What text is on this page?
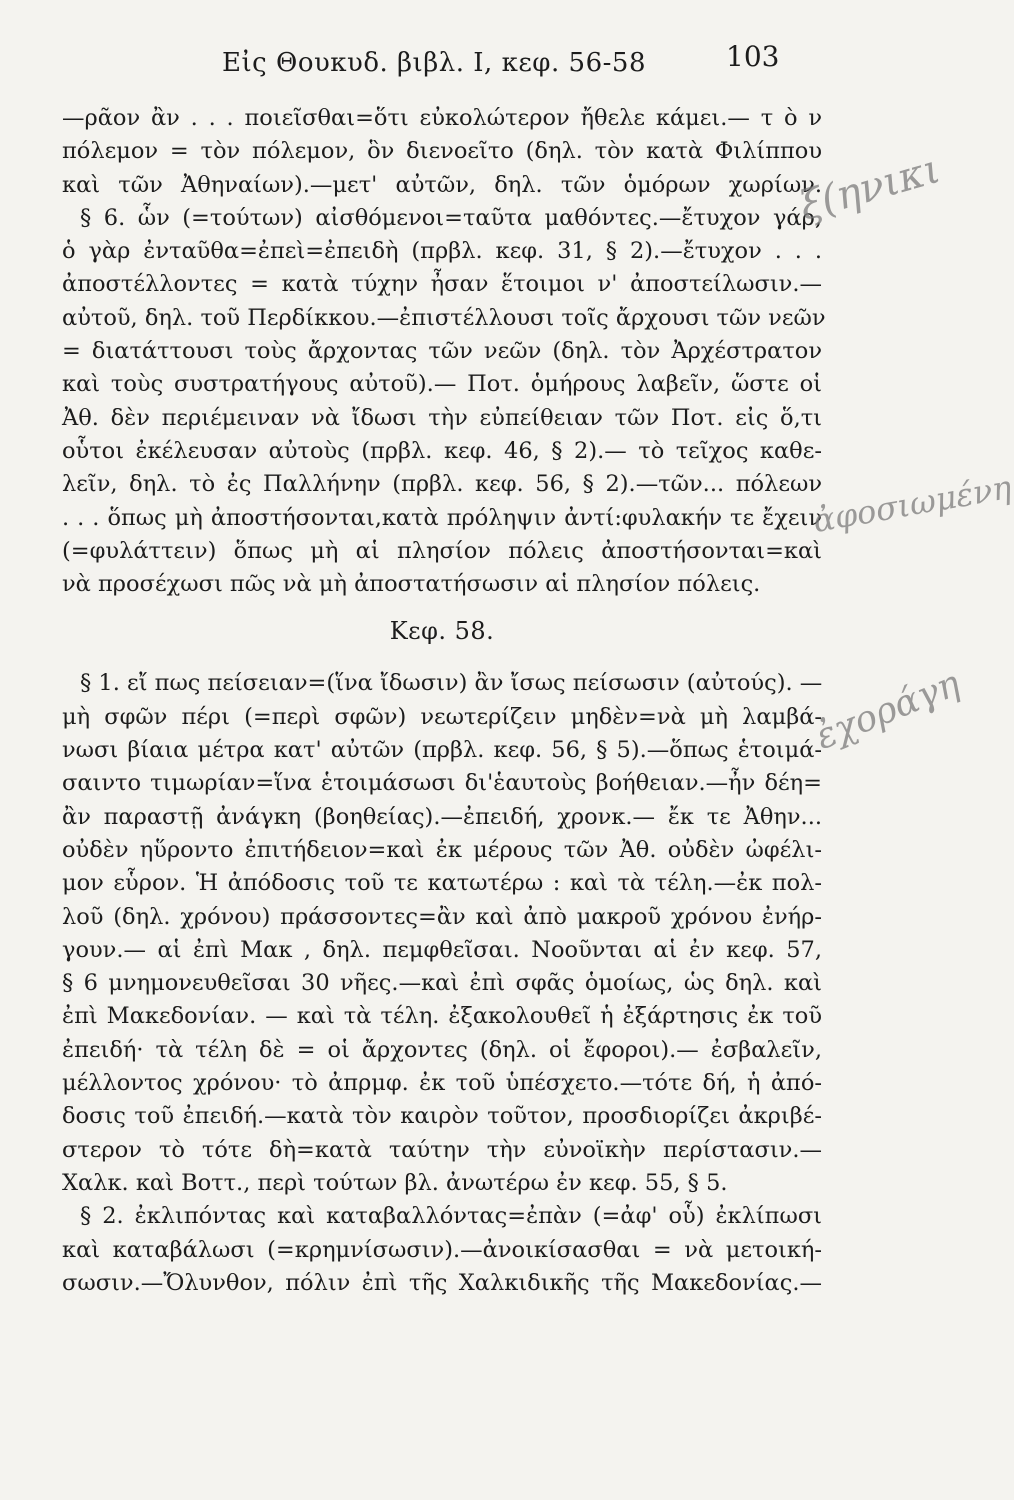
Εἰς Θουκυδ. βιβλ. I, κεφ. 56-58	103
—ρᾶον ἂν . . . ποιεῖσθαι=ὅτι εὐκολώτερον ἤθελε κάμει.— τ ὸ ν
πόλεμον = τὸν πόλεμον, ὃν διενοεῖτο (δηλ. τὸν κατὰ Φιλίππου
καὶ τῶν Ἀθηναίων).—μετ' αὐτῶν, δηλ. τῶν ὁμόρων χωρίων.
§ 6. ὧν (=τούτων) αἰσθόμενοι=ταῦτα μαθόντες.—ἔτυχον γάρ,
ὁ γὰρ ἐνταῦθα=ἐπεὶ=ἐπειδὴ (πρβλ. κεφ. 31, § 2).—ἔτυχον . . .
ἀποστέλλοντες = κατὰ τύχην ἦσαν ἕτοιμοι ν' ἀποστείλωσιν.—
αὐτοῦ, δηλ. τοῦ Περδίκκου.—ἐπιστέλλουσι τοῖς ἄρχουσι τῶν νεῶν
= διατάττουσι τοὺς ἄρχοντας τῶν νεῶν (δηλ. τὸν Ἀρχέστρατον
καὶ τοὺς συστρατήγους αὐτοῦ).— Ποτ. ὁμήρους λαβεῖν, ὥστε οἱ
Ἀθ. δὲν περιέμειναν νὰ ἴδωσι τὴν εὐπείθειαν τῶν Ποτ. εἰς ὅ,τι
οὗτοι ἐκέλευσαν αὐτοὺς (πρβλ. κεφ. 46, § 2).— τὸ τεῖχος καθε-
λεῖν, δηλ. τὸ ἐς Παλλήνην (πρβλ. κεφ. 56, § 2).—τῶν... πόλεων
. . . ὅπως μὴ ἀποστήσονται,κατὰ πρόληψιν ἀντί:φυλακήν τε ἔχειν
(=φυλάττειν) ὅπως μὴ αἱ πλησίον πόλεις ἀποστήσονται=καὶ
νὰ προσέχωσι πῶς νὰ μὴ ἀποστατήσωσιν αἱ πλησίον πόλεις.
Κεφ. 58.
§ 1. εἴ πως πείσειαν=(ἵνα ἴδωσιν) ἂν ἴσως πείσωσιν (αὐτούς). —
μὴ σφῶν πέρι (=περὶ σφῶν) νεωτερίζειν μηδὲν=νὰ μὴ λαμβά-
νωσι βίαια μέτρα κατ' αὐτῶν (πρβλ. κεφ. 56, § 5).—ὅπως ἑτοιμά-
σαιντο τιμωρίαν=ἵνα ἑτοιμάσωσι δι'ἑαυτοὺς βοήθειαν.—ἦν δέη=
ἂν παραστῇ ἀνάγκη (βοηθείας).—ἐπειδή, χρονκ.— ἔκ τε Ἀθην...
οὐδὲν ηὕροντο ἐπιτήδειον=καὶ ἐκ μέρους τῶν Ἀθ. οὐδὲν ὠφέλι-
μον εὗρον. Ἡ ἀπόδοσις τοῦ τε κατωτέρω : καὶ τὰ τέλη.—ἐκ πολ-
λοῦ (δηλ. χρόνου) πράσσοντες=ἂν καὶ ἀπὸ μακροῦ χρόνου ἐνήρ-
γουν.— αἱ ἐπὶ Μακ , δηλ. πεμφθεῖσαι. Νοοῦνται αἱ ἐν κεφ. 57,
§ 6 μνημονευθεῖσαι 30 νῆες.—καὶ ἐπὶ σφᾶς ὁμοίως, ὡς δηλ. καὶ
ἐπὶ Μακεδονίαν. — καὶ τὰ τέλη. ἐξακολουθεῖ ἡ ἐξάρτησις ἐκ τοῦ
ἐπειδή· τὰ τέλη δὲ = οἱ ἄρχοντες (δηλ. οἱ ἔφοροι).— ἐσβαλεῖν,
μέλλοντος χρόνου· τὸ ἀπρμφ. ἐκ τοῦ ὑπέσχετο.—τότε δή, ἡ ἀπό-
δοσις τοῦ ἐπειδή.—κατὰ τὸν καιρὸν τοῦτον, προσδιορίζει ἀκριβέ-
στερον τὸ τότε δὴ=κατὰ ταύτην τὴν εὐνοϊκὴν περίστασιν.—
Χαλκ. καὶ Βοττ., περὶ τούτων βλ. ἀνωτέρω ἐν κεφ. 55, § 5.
§ 2. ἐκλιπόντας καὶ καταβαλλόντας=ἐπὰν (=ἀφ' οὗ) ἐκλίπωσι
καὶ καταβάλωσι (=κρημνίσωσιν).—ἀνοικίσασθαι = νὰ μετοική-
σωσιν.—Ὄλυνθον, πόλιν ἐπὶ τῆς Χαλκιδικῆς τῆς Μακεδονίας.—
ξ(ηνικι
ἀφοσιωμένη
ἐχοράγη
